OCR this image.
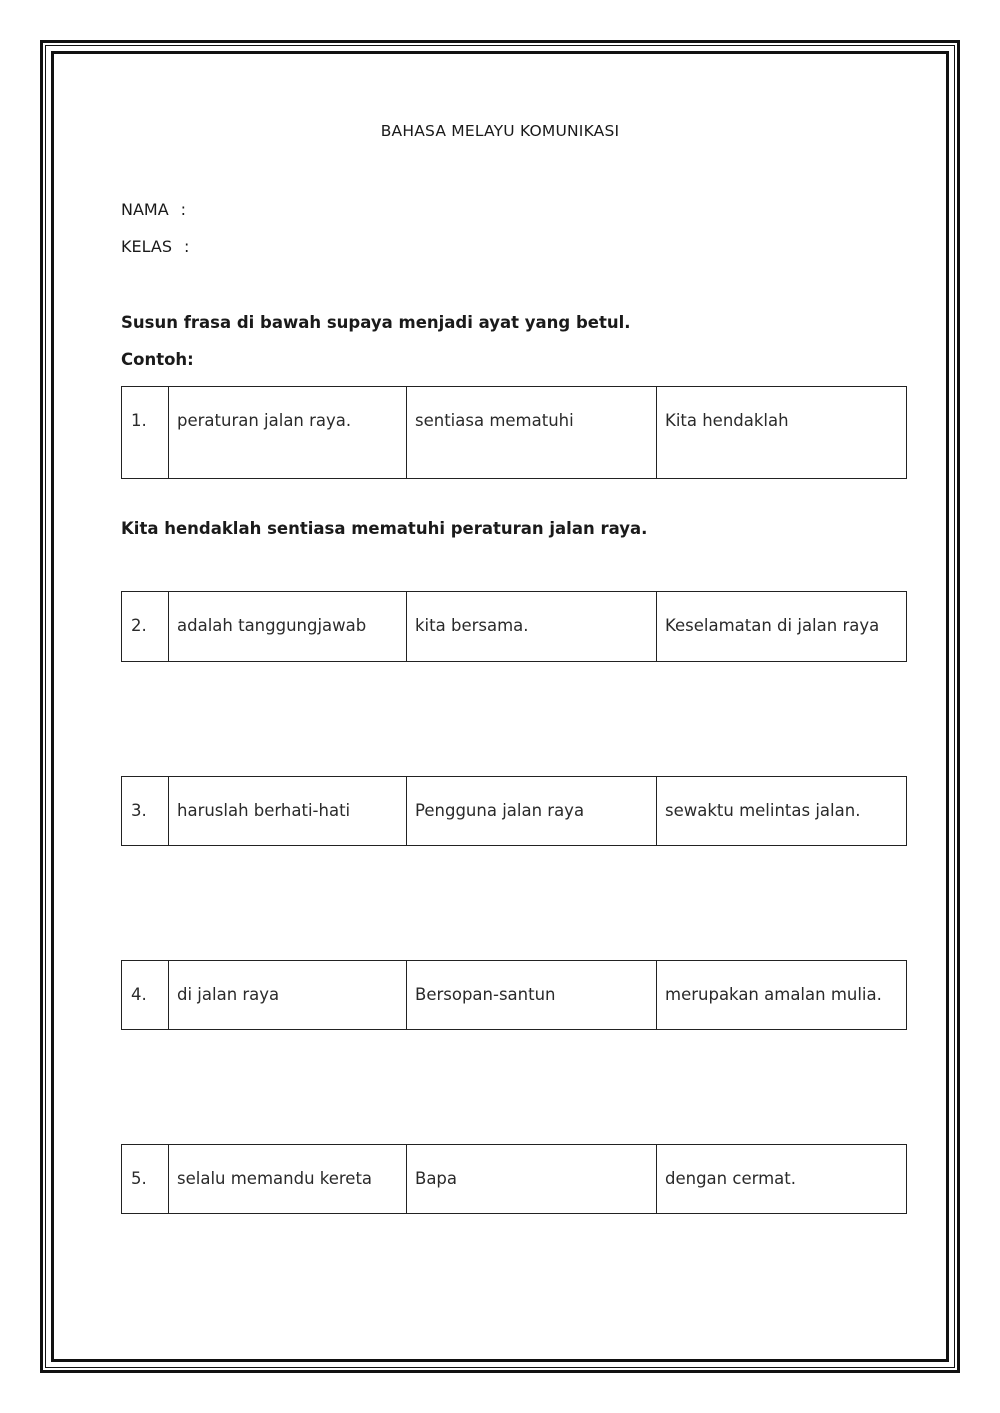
BAHASA MELAYU KOMUNIKASI
NAMA :
KELAS :
Susun frasa di bawah supaya menjadi ayat yang betul.
Contoh:
1.	peraturan jalan raya.	sentiasa mematuhi	Kita hendaklah
Kita hendaklah sentiasa mematuhi peraturan jalan raya.
2.	adalah tanggungjawab	kita bersama.	Keselamatan di jalan raya
3.	haruslah berhati-hati	Pengguna jalan raya	sewaktu melintas jalan.
4.	di jalan raya	Bersopan-santun	merupakan amalan mulia.
5.	selalu memandu kereta	Bapa	dengan cermat.
